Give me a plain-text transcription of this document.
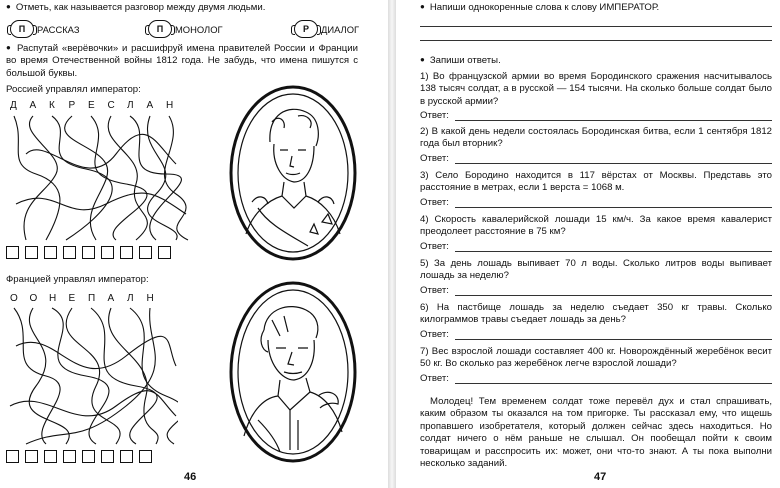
● Отметь, как называется разговор между двумя людьми.
П	РАССКАЗ	П	МОНОЛОГ	Р	ДИАЛОГ
● Распутай «верёвочки» и расшифруй имена правителей России и Франции во время Отечественной войны 1812 года. Не забудь, что имена пишутся с большой буквы.
Россией управлял император:
Д	А	К	Р	Е	С	Л	А	Н
Францией управлял император:
О	О	Н	Е	П	А	Л	Н
46
● Напиши однокоренные слова к слову ИМПЕРАТОР.
● Запиши ответы.
1) Во французской армии во время Бородинского сражения насчитывалось 138 тысяч солдат, а в русской — 154 тысячи. На сколько больше солдат было в русской армии?
Ответ:
2) В какой день недели состоялась Бородинская битва, если 1 сентября 1812 года был вторник?
Ответ:
3) Село Бородино находится в 117 вёрстах от Москвы. Представь это расстояние в метрах, если 1 верста = 1068 м.
Ответ:
4) Скорость кавалерийской лошади 15 км/ч. За какое время кавалерист преодолеет расстояние в 75 км?
Ответ:
5) За день лошадь выпивает 70 л воды. Сколько литров воды выпивает лошадь за неделю?
Ответ:
6) На пастбище лошадь за неделю съедает 350 кг травы. Сколько килограммов травы съедает лошадь за день?
Ответ:
7) Вес взрослой лошади составляет 400 кг. Новорождённый жеребёнок весит 50 кг. Во сколько раз жеребёнок легче взрослой лошади?
Ответ:
Молодец! Тем временем солдат тоже перевёл дух и стал спрашивать, каким образом ты оказался на том пригорке. Ты рассказал ему, что ищешь пропавшего изобретателя, который должен сейчас здесь находиться. Но солдат ничего о нём раньше не слышал. Он пообещал пойти к своим товарищам и расспросить их: может, они что-то знают. А ты пока выполни несколько заданий.
47
